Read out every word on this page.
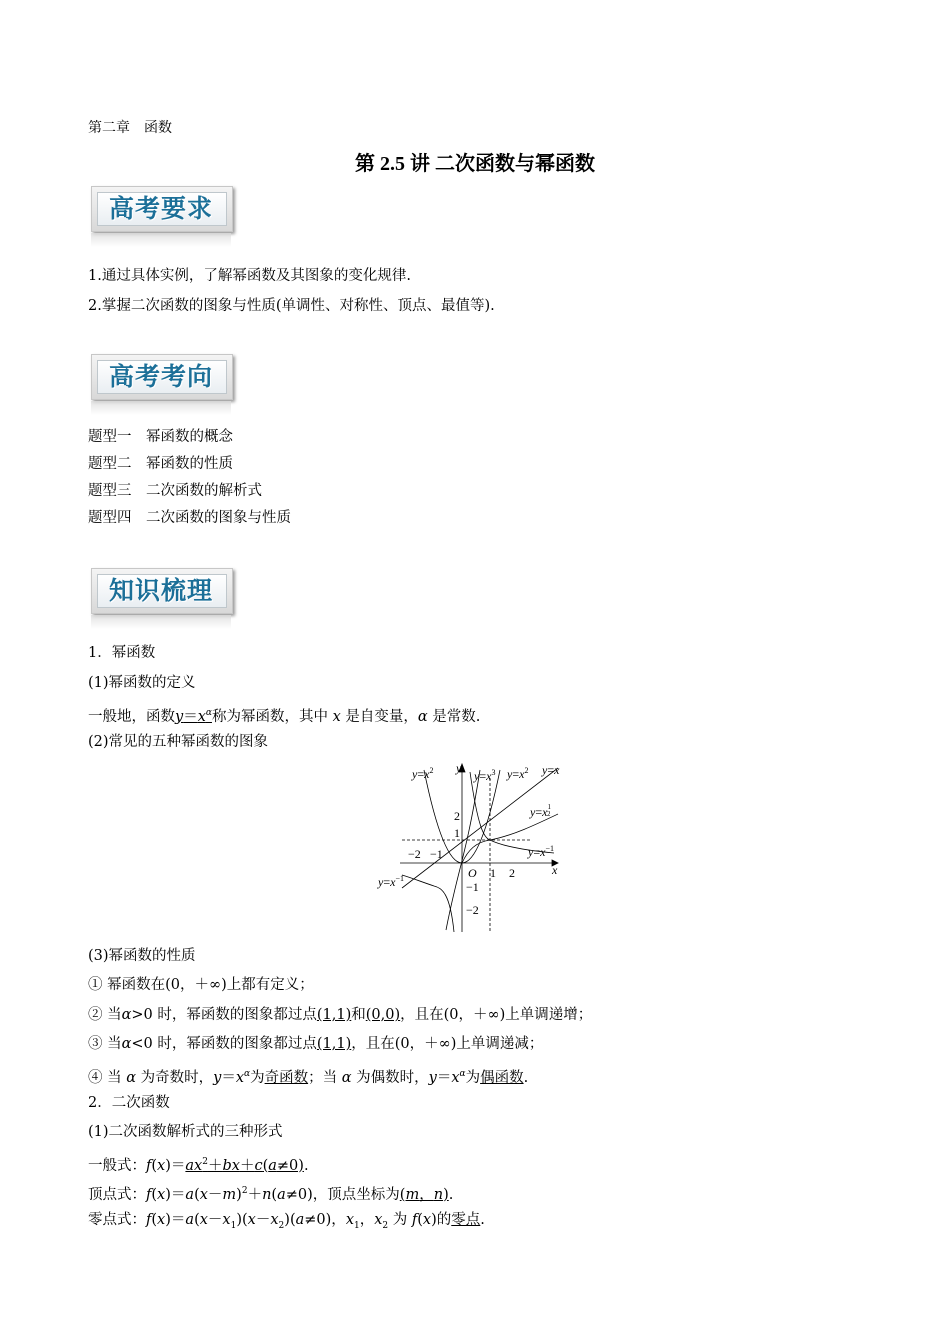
第二章　函数
第 2.5 讲 二次函数与幂函数
高考要求
1.通过具体实例，了解幂函数及其图象的变化规律.
2.掌握二次函数的图象与性质(单调性、对称性、顶点、最值等).
高考考向
题型一　幂函数的概念
题型二　幂函数的性质
题型三　二次函数的解析式
题型四　二次函数的图象与性质
知识梳理
1．幂函数
(1)幂函数的定义
一般地，函数$y=x^\alpha$称为幂函数，其中 x 是自变量，α 是常数.
(2)常见的五种幂函数的图象
$y=x^2$ y
$y=x^3$ $y=x^2$ y=x
$y=x^1$ 2
$y=x^{-1}$
$y=x^{-1}$
x
O
2
1
−2 −1
1 2
−1
−2
(3)幂函数的性质
① 幂函数在(0，＋∞)上都有定义；
② 当α>0 时，幂函数的图象都过点(1,1)和(0,0)，且在(0，＋∞)上单调递增；
③ 当α<0 时，幂函数的图象都过点(1,1)，且在(0，＋∞)上单调递减；
④ 当 α 为奇数时，$y=x^\alpha$为奇函数；当 α 为偶数时，$y=x^\alpha$为偶函数.
2．二次函数
(1)二次函数解析式的三种形式
一般式：$f(x)=ax^2+bx+c(a\ne 0)$.
顶点式：$f(x)=a(x-m)^2+n(a\ne 0)$，顶点坐标为(m，n).
零点式：$f(x)=a(x-x_1)(x-x_2)(a\ne 0)$，$x_1$，$x_2$ 为 f(x)的零点.
